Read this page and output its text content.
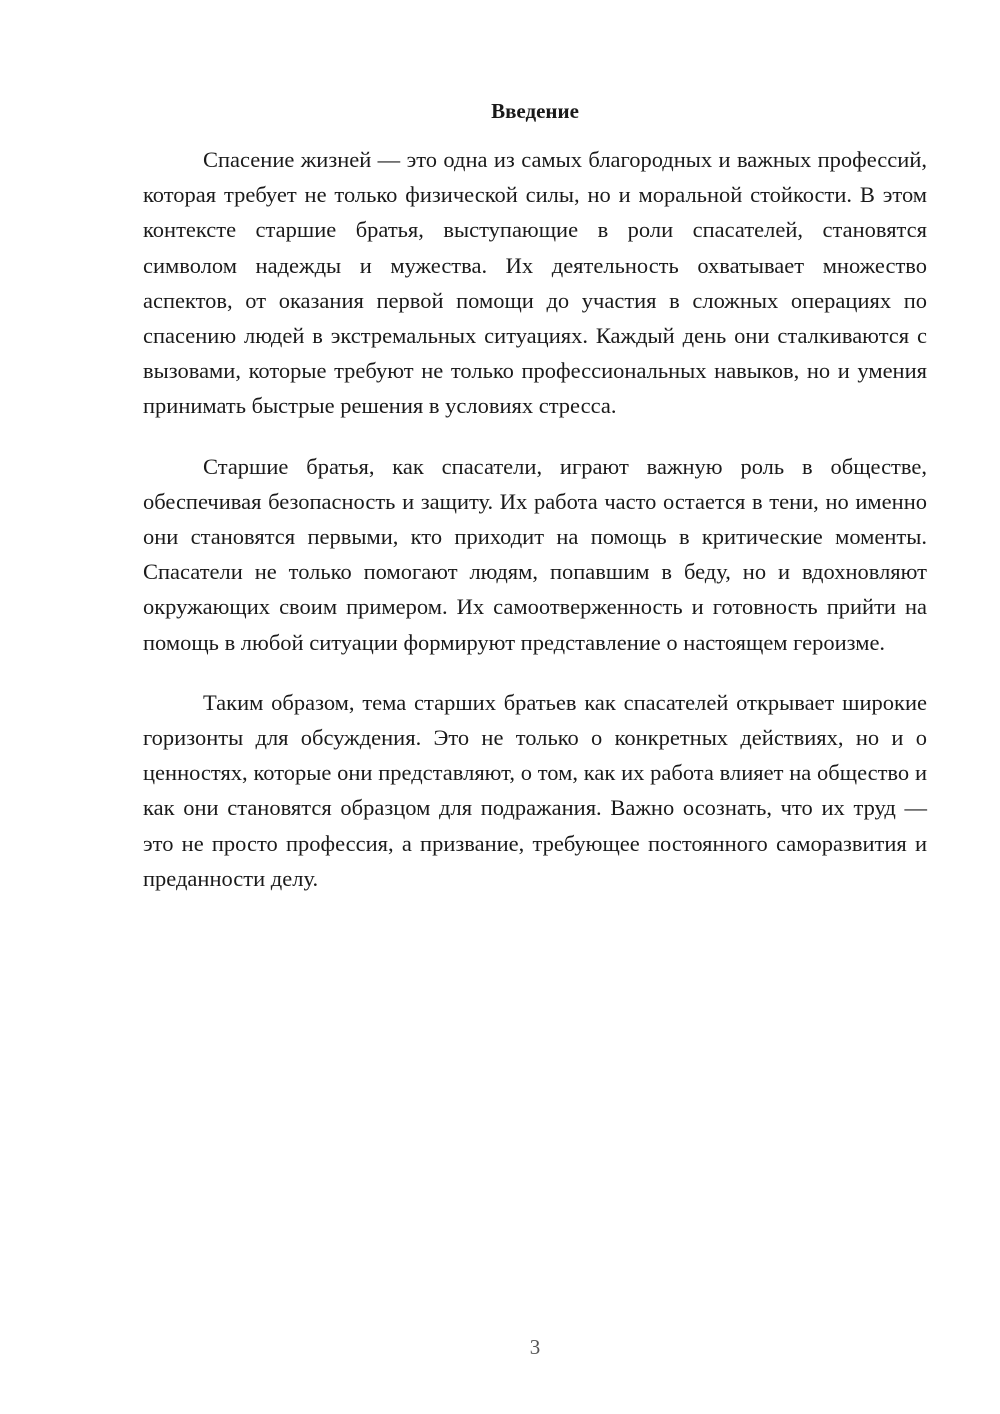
Введение

Спасение жизней — это одна из самых благородных и важных профессий, которая требует не только физической силы, но и моральной стойкости. В этом контексте старшие братья, выступающие в роли спасателей, становятся символом надежды и мужества. Их деятельность охватывает множество аспектов, от оказания первой помощи до участия в сложных операциях по спасению людей в экстремальных ситуациях. Каждый день они сталкиваются с вызовами, которые требуют не только профессиональных навыков, но и умения принимать быстрые решения в условиях стресса.

Старшие братья, как спасатели, играют важную роль в обществе, обеспечивая безопасность и защиту. Их работа часто остается в тени, но именно они становятся первыми, кто приходит на помощь в критические моменты. Спасатели не только помогают людям, попавшим в беду, но и вдохновляют окружающих своим примером. Их самоотверженность и готовность прийти на помощь в любой ситуации формируют представление о настоящем героизме.

Таким образом, тема старших братьев как спасателей открывает широкие горизонты для обсуждения. Это не только о конкретных действиях, но и о ценностях, которые они представляют, о том, как их работа влияет на общество и как они становятся образцом для подражания. Важно осознать, что их труд — это не просто профессия, а призвание, требующее постоянного саморазвития и преданности делу.

3
